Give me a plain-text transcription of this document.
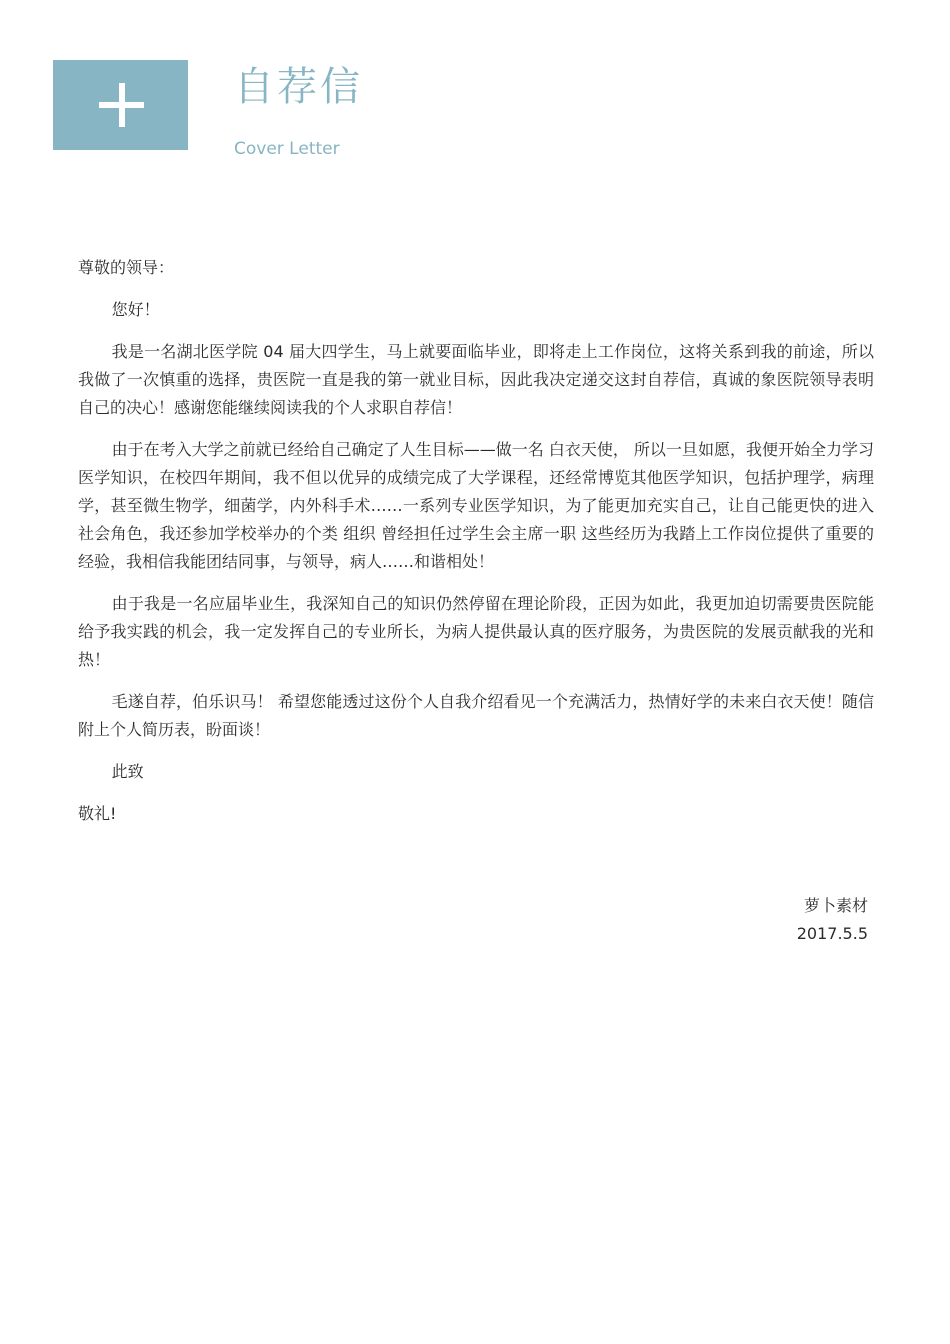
自荐信
Cover Letter

尊敬的领导：

您好！

我是一名湖北医学院 04 届大四学生，马上就要面临毕业，即将走上工作岗位，这将关系到我的前途，所以我做了一次慎重的选择，贵医院一直是我的第一就业目标，因此我决定递交这封自荐信，真诚的象医院领导表明自己的决心！感谢您能继续阅读我的个人求职自荐信！

由于在考入大学之前就已经给自己确定了人生目标——做一名 白衣天使， 所以一旦如愿，我便开始全力学习医学知识，在校四年期间，我不但以优异的成绩完成了大学课程，还经常博览其他医学知识，包括护理学，病理学，甚至微生物学，细菌学，内外科手术……一系列专业医学知识，为了能更加充实自己，让自己能更快的进入社会角色，我还参加学校举办的个类 组织 曾经担任过学生会主席一职 这些经历为我踏上工作岗位提供了重要的经验，我相信我能团结同事，与领导，病人……和谐相处！

由于我是一名应届毕业生，我深知自己的知识仍然停留在理论阶段，正因为如此，我更加迫切需要贵医院能给予我实践的机会，我一定发挥自己的专业所长，为病人提供最认真的医疗服务，为贵医院的发展贡献我的光和热！

毛遂自荐，伯乐识马！ 希望您能透过这份个人自我介绍看见一个充满活力，热情好学的未来白衣天使！随信附上个人简历表，盼面谈！

此致

敬礼!

萝卜素材
2017.5.5
